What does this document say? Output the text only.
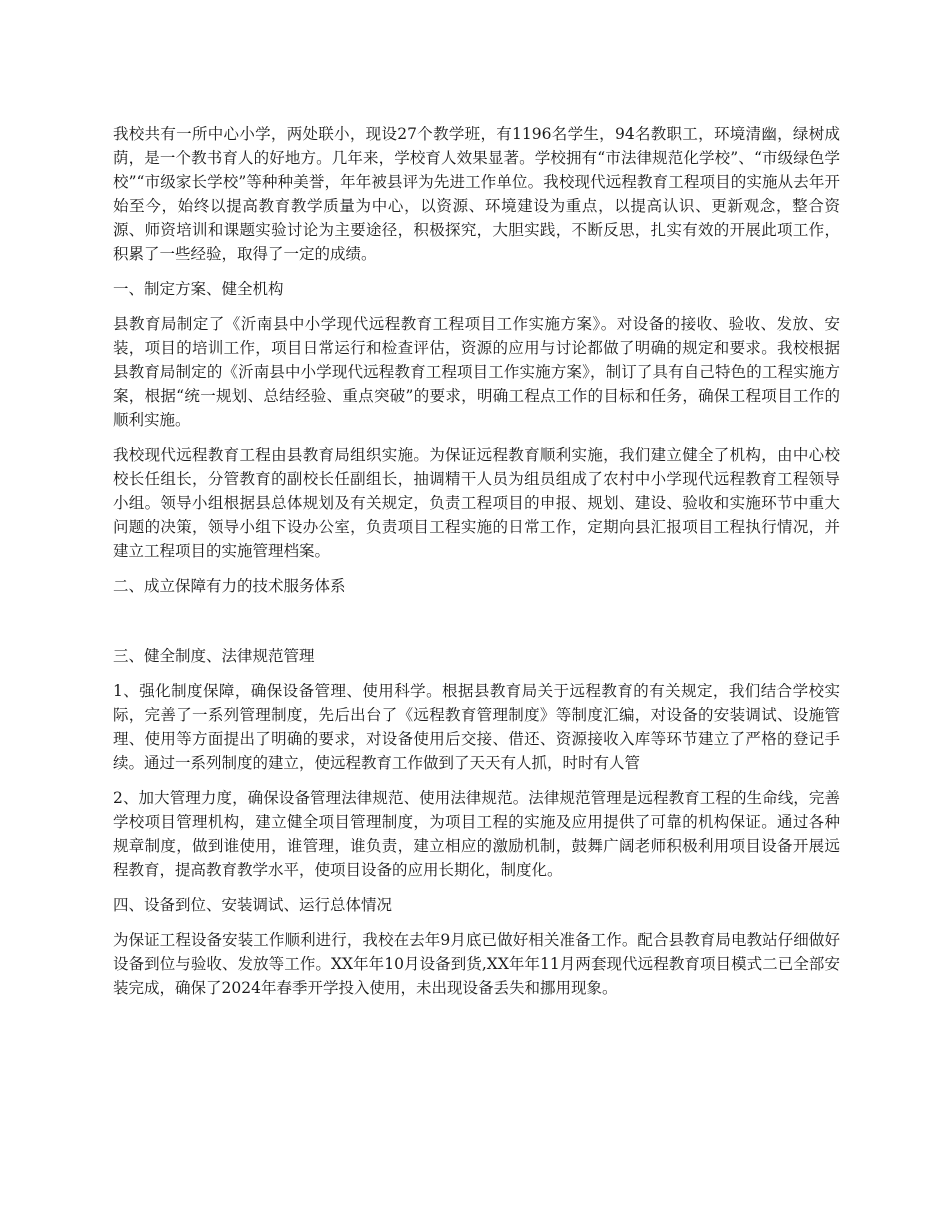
我校共有一所中心小学，两处联小，现设27个教学班，有1196名学生，94名教职工，环境清幽，绿树成荫，是一个教书育人的好地方。几年来，学校育人效果显著。学校拥有“市法律规范化学校”、“市级绿色学校”“市级家长学校”等种种美誉，年年被县评为先进工作单位。我校现代远程教育工程项目的实施从去年开始至今，始终以提高教育教学质量为中心，以资源、环境建设为重点，以提高认识、更新观念，整合资源、师资培训和课题实验讨论为主要途径，积极探究，大胆实践，不断反思，扎实有效的开展此项工作，积累了一些经验，取得了一定的成绩。

一、制定方案、健全机构

县教育局制定了《沂南县中小学现代远程教育工程项目工作实施方案》。对设备的接收、验收、发放、安装，项目的培训工作，项目日常运行和检查评估，资源的应用与讨论都做了明确的规定和要求。我校根据县教育局制定的《沂南县中小学现代远程教育工程项目工作实施方案》，制订了具有自己特色的工程实施方案，根据“统一规划、总结经验、重点突破”的要求，明确工程点工作的目标和任务，确保工程项目工作的顺利实施。

我校现代远程教育工程由县教育局组织实施。为保证远程教育顺利实施，我们建立健全了机构，由中心校校长任组长，分管教育的副校长任副组长，抽调精干人员为组员组成了农村中小学现代远程教育工程领导小组。领导小组根据县总体规划及有关规定，负责工程项目的申报、规划、建设、验收和实施环节中重大问题的决策，领导小组下设办公室，负责项目工程实施的日常工作，定期向县汇报项目工程执行情况，并建立工程项目的实施管理档案。

二、成立保障有力的技术服务体系

三、健全制度、法律规范管理

1、强化制度保障，确保设备管理、使用科学。根据县教育局关于远程教育的有关规定，我们结合学校实际，完善了一系列管理制度，先后出台了《远程教育管理制度》等制度汇编，对设备的安装调试、设施管理、使用等方面提出了明确的要求，对设备使用后交接、借还、资源接收入库等环节建立了严格的登记手续。通过一系列制度的建立，使远程教育工作做到了天天有人抓，时时有人管

2、加大管理力度，确保设备管理法律规范、使用法律规范。法律规范管理是远程教育工程的生命线，完善学校项目管理机构，建立健全项目管理制度，为项目工程的实施及应用提供了可靠的机构保证。通过各种规章制度，做到谁使用，谁管理，谁负责，建立相应的激励机制，鼓舞广阔老师积极利用项目设备开展远程教育，提高教育教学水平，使项目设备的应用长期化，制度化。

四、设备到位、安装调试、运行总体情况

为保证工程设备安装工作顺利进行，我校在去年9月底已做好相关准备工作。配合县教育局电教站仔细做好设备到位与验收、发放等工作。XX年年10月设备到货,XX年年11月两套现代远程教育项目模式二已全部安装完成，确保了2024年春季开学投入使用，未出现设备丢失和挪用现象。
